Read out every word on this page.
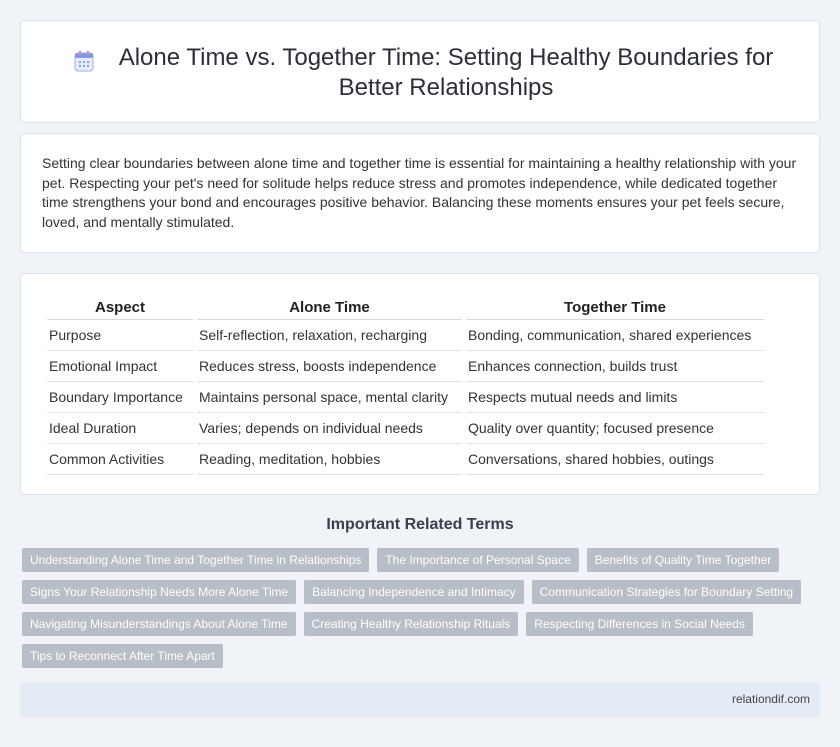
Alone Time vs. Together Time: Setting Healthy Boundaries for Better Relationships

Setting clear boundaries between alone time and together time is essential for maintaining a healthy relationship with your pet. Respecting your pet's need for solitude helps reduce stress and promotes independence, while dedicated together time strengthens your bond and encourages positive behavior. Balancing these moments ensures your pet feels secure, loved, and mentally stimulated.

Aspect	Alone Time	Together Time
Purpose	Self-reflection, relaxation, recharging	Bonding, communication, shared experiences
Emotional Impact	Reduces stress, boosts independence	Enhances connection, builds trust
Boundary Importance	Maintains personal space, mental clarity	Respects mutual needs and limits
Ideal Duration	Varies; depends on individual needs	Quality over quantity; focused presence
Common Activities	Reading, meditation, hobbies	Conversations, shared hobbies, outings
Important Related Terms
Understanding Alone Time and Together Time in Relationships	The Importance of Personal Space	Benefits of Quality Time Together
Signs Your Relationship Needs More Alone Time	Balancing Independence and Intimacy	Communication Strategies for Boundary Setting
Navigating Misunderstandings About Alone Time	Creating Healthy Relationship Rituals	Respecting Differences in Social Needs
Tips to Reconnect After Time Apart
relationdif.com
